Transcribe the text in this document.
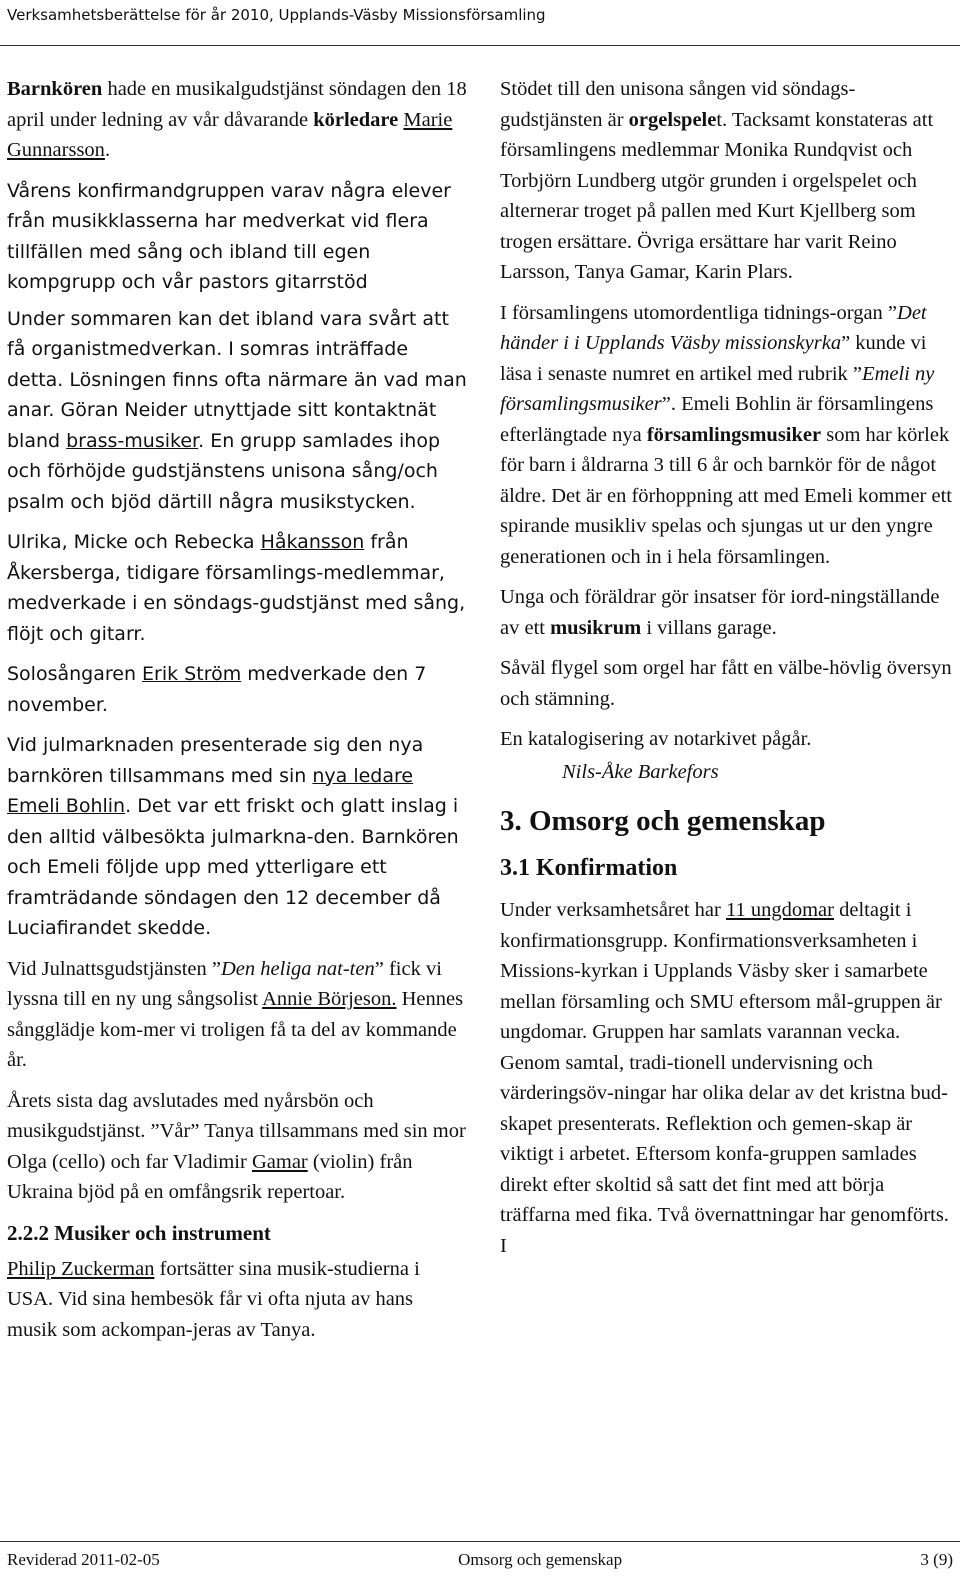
Verksamhetsberättelse för år 2010, Upplands-Väsby Missionsförsamling

Barnkören hade en musikalgudstjänst söndagen den 18 april under ledning av vår dåvarande körledare Marie Gunnarsson.

Vårens konfirmandgruppen varav några elever från musikklasserna har medverkat vid flera tillfällen med sång och ibland till egen kompgrupp och vår pastors gitarrstöd

Under sommaren kan det ibland vara svårt att få organistmedverkan. I somras inträffade detta. Lösningen finns ofta närmare än vad man anar. Göran Neider utnyttjade sitt kontaktnät bland brass-musiker. En grupp samlades ihop och förhöjde gudstjänstens unisona sång/och psalm och bjöd därtill några musikstycken.

Ulrika, Micke och Rebecka Håkansson från Åkersberga, tidigare församlings-medlemmar, medverkade i en söndags-gudstjänst med sång, flöjt och gitarr.

Solosångaren Erik Ström medverkade den 7 november.

Vid julmarknaden presenterade sig den nya barnkören tillsammans med sin nya ledare Emeli Bohlin. Det var ett friskt och glatt inslag i den alltid välbesökta julmarkna-den. Barnkören och Emeli följde upp med ytterligare ett framträdande söndagen den 12 december då Luciafirandet skedde.

Vid Julnattsgudstjänsten ”Den heliga nat-ten” fick vi lyssna till en ny ung sångsolist Annie Börjeson. Hennes sångglädje kom-mer vi troligen få ta del av kommande år.

Årets sista dag avslutades med nyårsbön och musikgudstjänst. ”Vår” Tanya tillsammans med sin mor Olga (cello) och far Vladimir Gamar (violin) från Ukraina bjöd på en omfångsrik repertoar.

2.2.2 Musiker och instrument

Philip Zuckerman fortsätter sina musik-studierna i USA. Vid sina hembesök får vi ofta njuta av hans musik som ackompan-jeras av Tanya.

Stödet till den unisona sången vid söndags-gudstjänsten är orgelspelet. Tacksamt konstateras att församlingens medlemmar Monika Rundqvist och Torbjörn Lundberg utgör grunden i orgelspelet och alternerar troget på pallen med Kurt Kjellberg som trogen ersättare. Övriga ersättare har varit Reino Larsson, Tanya Gamar, Karin Plars.

I församlingens utomordentliga tidnings-organ ”Det händer i i Upplands Väsby missionskyrka” kunde vi läsa i senaste numret en artikel med rubrik ”Emeli ny församlingsmusiker”. Emeli Bohlin är församlingens efterlängtade nya församlingsmusiker som har körlek för barn i åldrarna 3 till 6 år och barnkör för de något äldre. Det är en förhoppning att med Emeli kommer ett spirande musikliv spelas och sjungas ut ur den yngre generationen och in i hela församlingen.

Unga och föräldrar gör insatser för iord-ningställande av ett musikrum i villans garage.

Såväl flygel som orgel har fått en välbe-hövlig översyn och stämning.

En katalogisering av notarkivet pågår.

Nils-Åke Barkefors

3. Omsorg och gemenskap
3.1 Konfirmation

Under verksamhetsåret har 11 ungdomar deltagit i konfirmationsgrupp. Konfirmationsverksamheten i Missions-kyrkan i Upplands Väsby sker i samarbete mellan församling och SMU eftersom mål-gruppen är ungdomar. Gruppen har samlats varannan vecka. Genom samtal, tradi-tionell undervisning och värderingsöv-ningar har olika delar av det kristna bud-skapet presenterats. Reflektion och gemen-skap är viktigt i arbetet. Eftersom konfa-gruppen samlades direkt efter skoltid så satt det fint med att börja träffarna med fika. Två övernattningar har genomförts. I

Reviderad 2011-02-05	Omsorg och gemenskap	3 (9)
